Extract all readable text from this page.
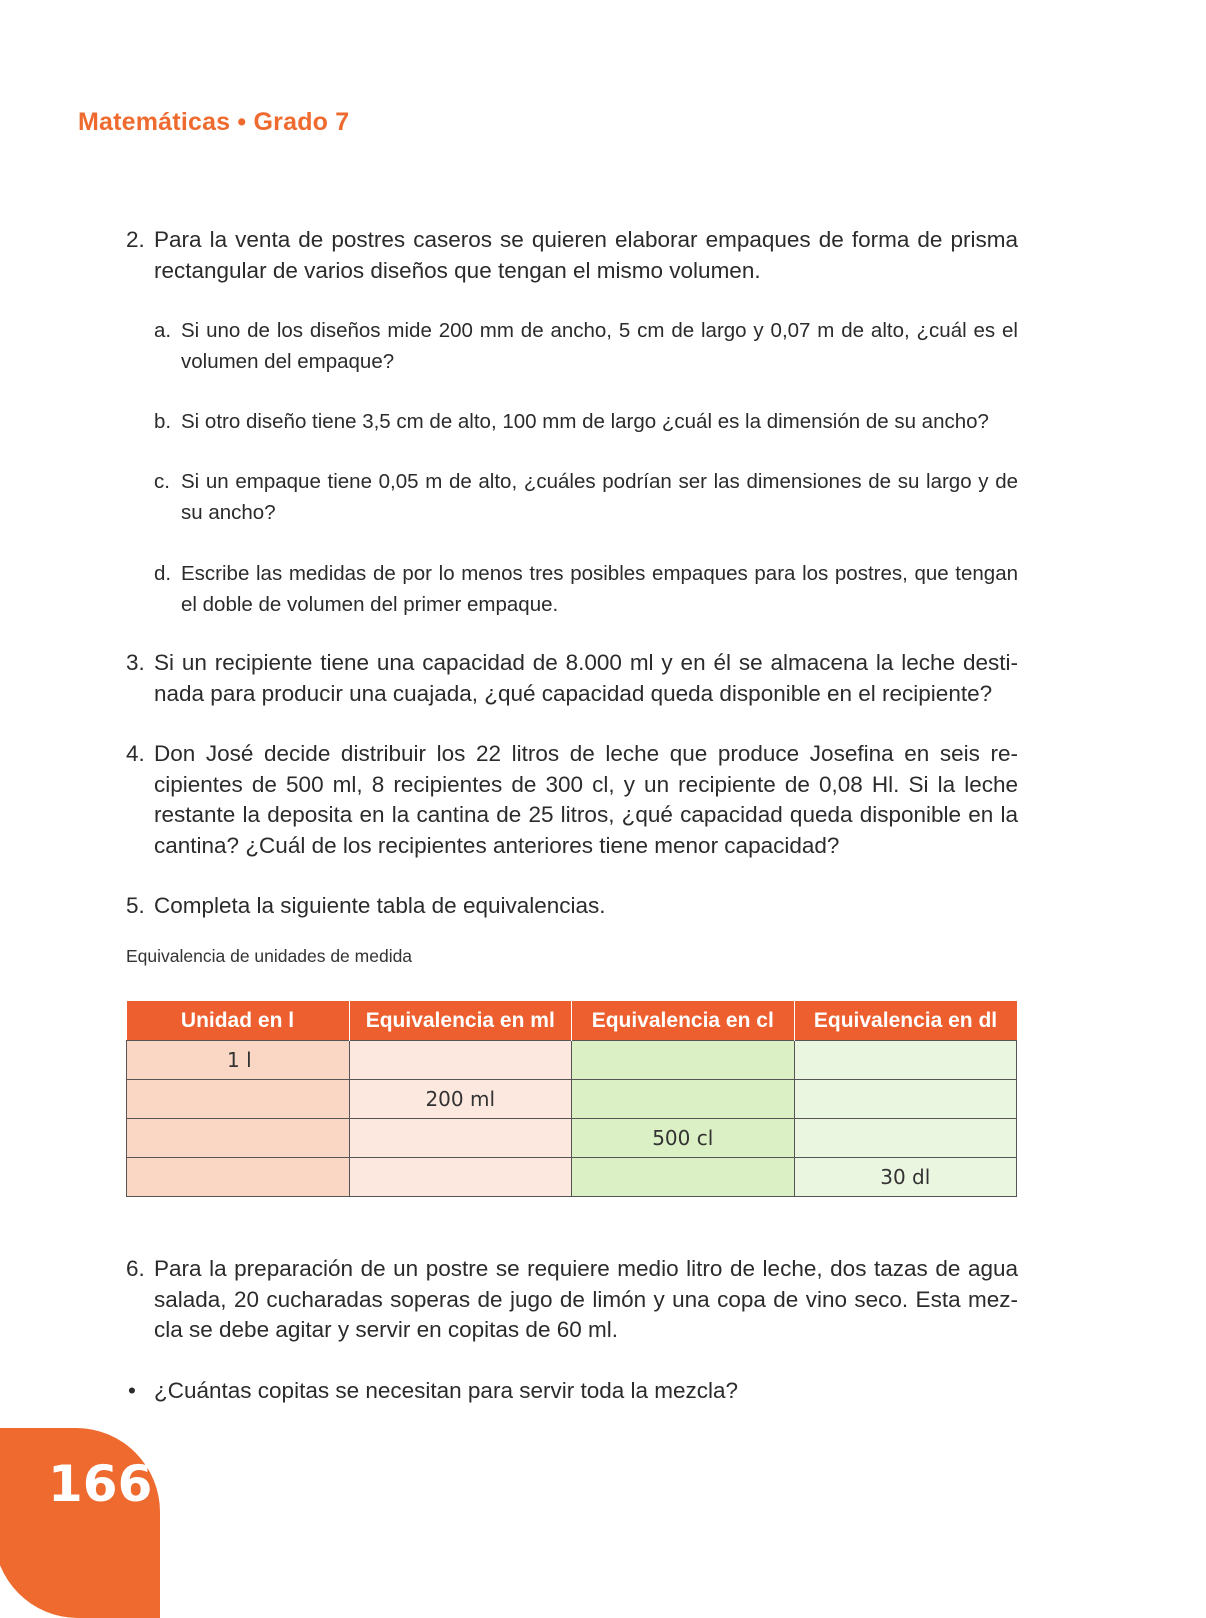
Matemáticas • Grado 7
2. Para la venta de postres caseros se quieren elaborar empaques de forma de prisma rectangular de varios diseños que tengan el mismo volumen.
a. Si uno de los diseños mide 200 mm de ancho, 5 cm de largo y 0,07 m de alto, ¿cuál es el volumen del empaque?
b. Si otro diseño tiene 3,5 cm de alto, 100 mm de largo ¿cuál es la dimensión de su ancho?
c. Si un empaque tiene 0,05 m de alto, ¿cuáles podrían ser las dimensiones de su largo y de su ancho?
d. Escribe las medidas de por lo menos tres posibles empaques para los postres, que tengan el doble de volumen del primer empaque.
3. Si un recipiente tiene una capacidad de 8.000 ml y en él se almacena la leche destinada para producir una cuajada, ¿qué capacidad queda disponible en el recipiente?
4. Don José decide distribuir los 22 litros de leche que produce Josefina en seis recipientes de 500 ml, 8 recipientes de 300 cl, y un recipiente de 0,08 Hl. Si la leche restante la deposita en la cantina de 25 litros, ¿qué capacidad queda disponible en la cantina? ¿Cuál de los recipientes anteriores tiene menor capacidad?
5. Completa la siguiente tabla de equivalencias.
Equivalencia de unidades de medida
Unidad en l	Equivalencia en ml	Equivalencia en cl	Equivalencia en dl
1 l			
	200 ml		
		500 cl	
			30 dl
6. Para la preparación de un postre se requiere medio litro de leche, dos tazas de agua salada, 20 cucharadas soperas de jugo de limón y una copa de vino seco. Esta mezcla se debe agitar y servir en copitas de 60 ml.
• ¿Cuántas copitas se necesitan para servir toda la mezcla?
166
